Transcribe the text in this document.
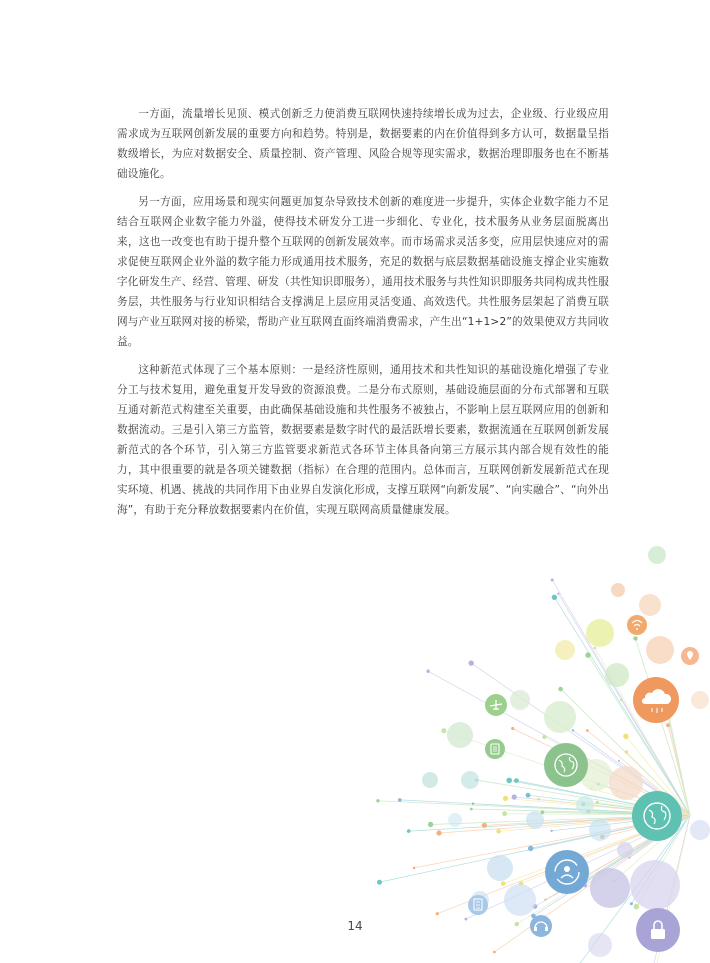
一方面，流量增长见顶、模式创新乏力使消费互联网快速持续增长成为过去，企业级、行业级应用需求成为互联网创新发展的重要方向和趋势。特别是，数据要素的内在价值得到多方认可，数据量呈指数级增长，为应对数据安全、质量控制、资产管理、风险合规等现实需求，数据治理即服务也在不断基础设施化。

另一方面，应用场景和现实问题更加复杂导致技术创新的难度进一步提升，实体企业数字能力不足结合互联网企业数字能力外溢，使得技术研发分工进一步细化、专业化，技术服务从业务层面脱离出来，这也一改变也有助于提升整个互联网的创新发展效率。而市场需求灵活多变，应用层快速应对的需求促使互联网企业外溢的数字能力形成通用技术服务，充足的数据与底层数据基础设施支撑企业实施数字化研发生产、经营、管理、研发（共性知识即服务），通用技术服务与共性知识即服务共同构成共性服务层，共性服务与行业知识相结合支撑满足上层应用灵活变通、高效迭代。共性服务层架起了消费互联网与产业互联网对接的桥梁，帮助产业互联网直面终端消费需求，产生出“1+1>2”的效果使双方共同收益。

这种新范式体现了三个基本原则：一是经济性原则，通用技术和共性知识的基础设施化增强了专业分工与技术复用，避免重复开发导致的资源浪费。二是分布式原则，基础设施层面的分布式部署和互联互通对新范式构建至关重要，由此确保基础设施和共性服务不被独占，不影响上层互联网应用的创新和数据流动。三是引入第三方监管，数据要素是数字时代的最活跃增长要素，数据流通在互联网创新发展新范式的各个环节，引入第三方监管要求新范式各环节主体具备向第三方展示其内部合规有效性的能力，其中很重要的就是各项关键数据（指标）在合理的范围内。总体而言，互联网创新发展新范式在现实环境、机遇、挑战的共同作用下由业界自发演化形成，支撑互联网“向新发展”、“向实融合”、“向外出海”，有助于充分释放数据要素内在价值，实现互联网高质量健康发展。

14
